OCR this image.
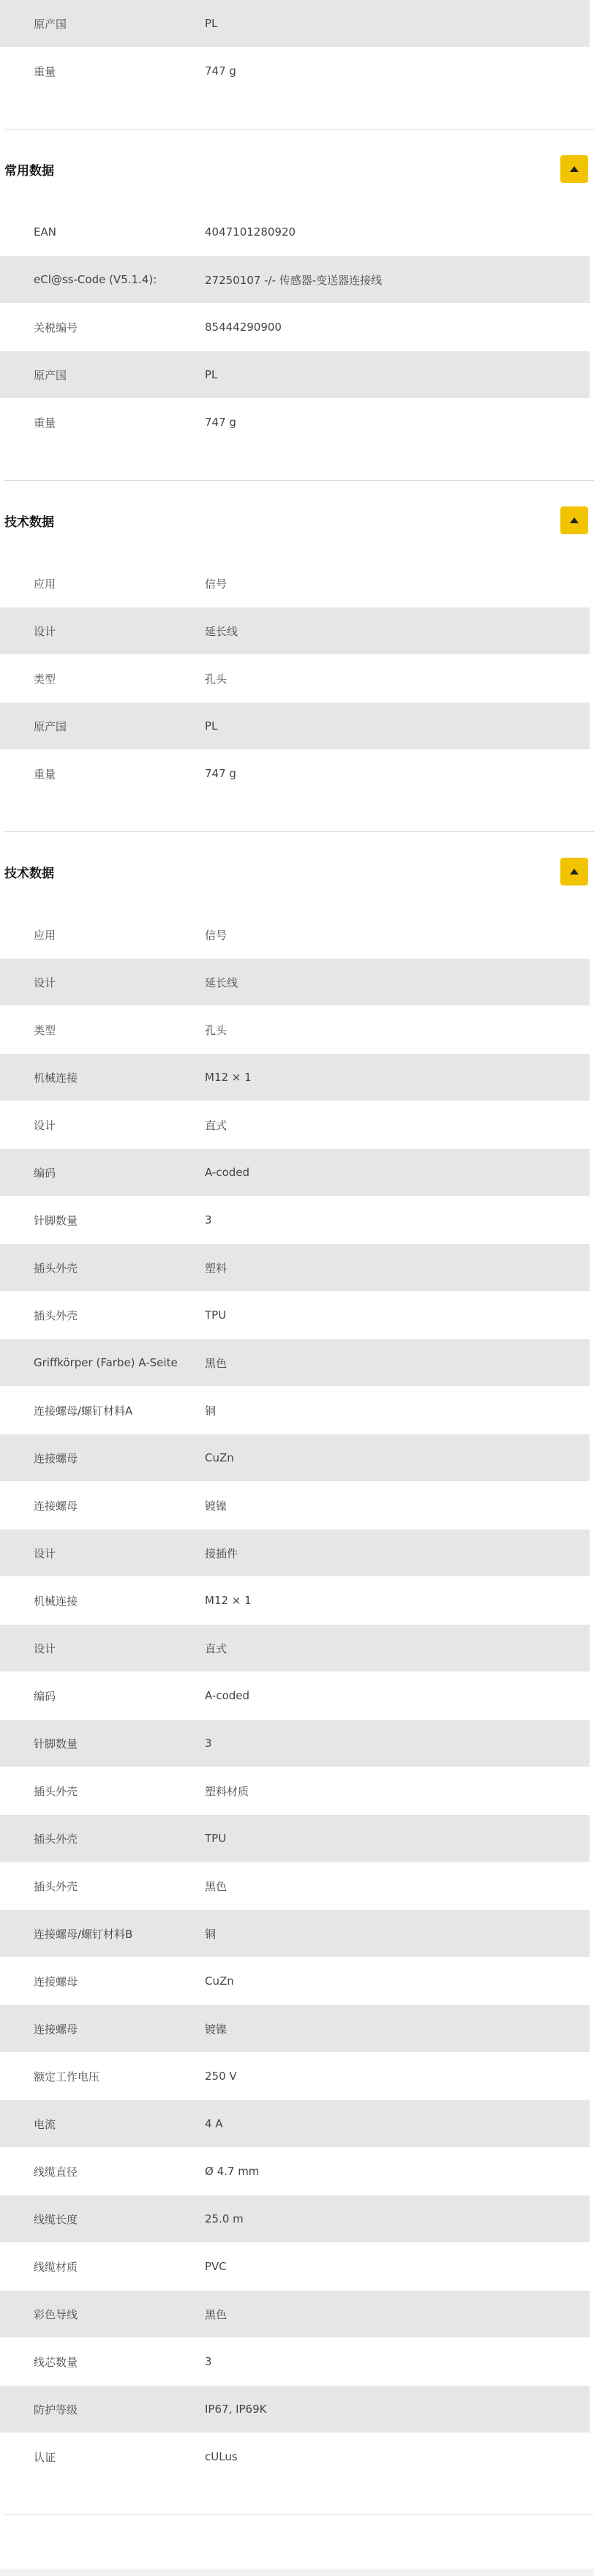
原产国	PL
重量	747 g
常用数据
EAN	4047101280920
eCl@ss-Code (V5.1.4):	27250107 -/- 传感器-变送器连接线
关税编号	85444290900
原产国	PL
重量	747 g
技术数据
应用	信号
设计	延长线
类型	孔头
原产国	PL
重量	747 g
技术数据
应用	信号
设计	延长线
类型	孔头
机械连接	M12 × 1
设计	直式
编码	A-coded
针脚数量	3
插头外壳	塑料
插头外壳	TPU
Griffkörper (Farbe) A-Seite	黑色
连接螺母/螺钉材料A	铜
连接螺母	CuZn
连接螺母	镀镍
设计	接插件
机械连接	M12 × 1
设计	直式
编码	A-coded
针脚数量	3
插头外壳	塑料材质
插头外壳	TPU
插头外壳	黑色
连接螺母/螺钉材料B	铜
连接螺母	CuZn
连接螺母	镀镍
额定工作电压	250 V
电流	4 A
线缆直径	Ø 4.7 mm
线缆长度	25.0 m
线缆材质	PVC
彩色导线	黑色
线芯数量	3
防护等级	IP67, IP69K
认证	cULus
